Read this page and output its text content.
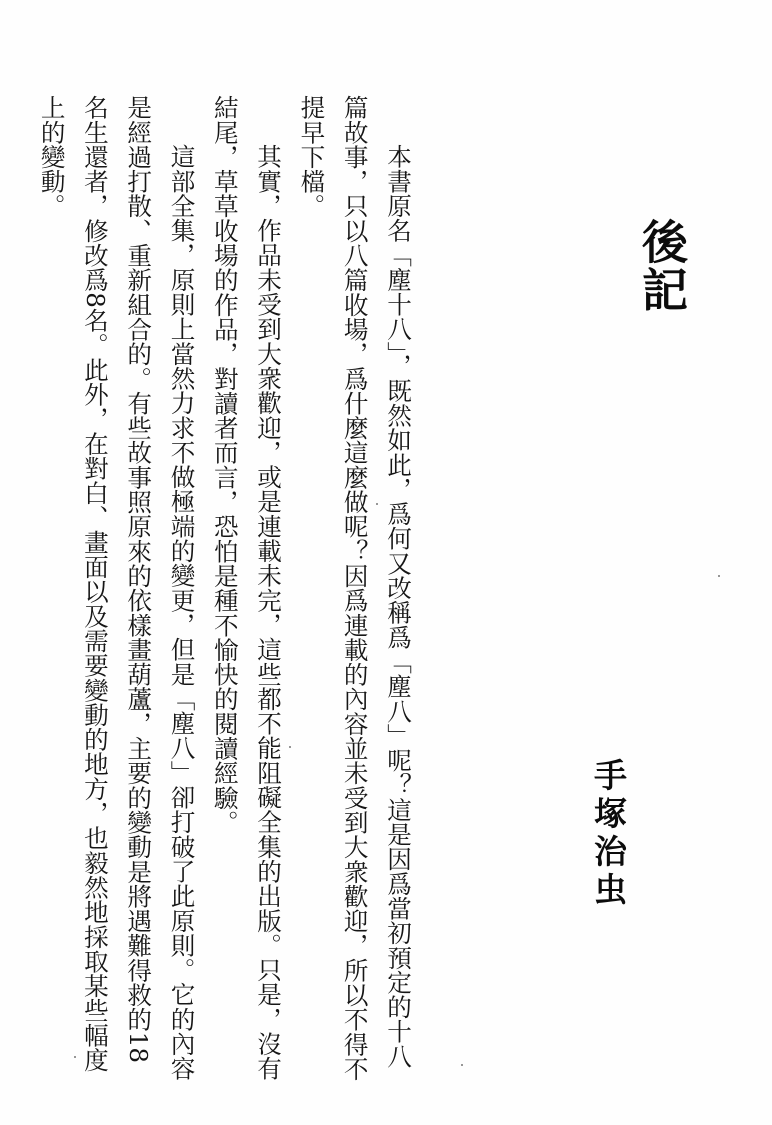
後記
手塚治虫

本書原名「塵十八」，既然如此，爲何又改稱爲「塵八」呢？這是因爲當初預定的十八篇故事，只以八篇收場，爲什麼這麼做呢？因爲連載的內容並未受到大衆歡迎，所以不得不提早下檔。

其實，作品未受到大衆歡迎，或是連載未完，這些都不能阻礙全集的出版。只是，沒有結尾，草草收場的作品，對讀者而言，恐怕是種不愉快的閱讀經驗。

這部全集，原則上當然力求不做極端的變更，但是「塵八」卻打破了此原則。它的內容是經過打散、重新組合的。有些故事照原來的依樣畫葫蘆，主要的變動是將遇難得救的18名生還者，修改爲8名。此外，在對白、畫面以及需要變動的地方，也毅然地採取某些幅度上的變動。
